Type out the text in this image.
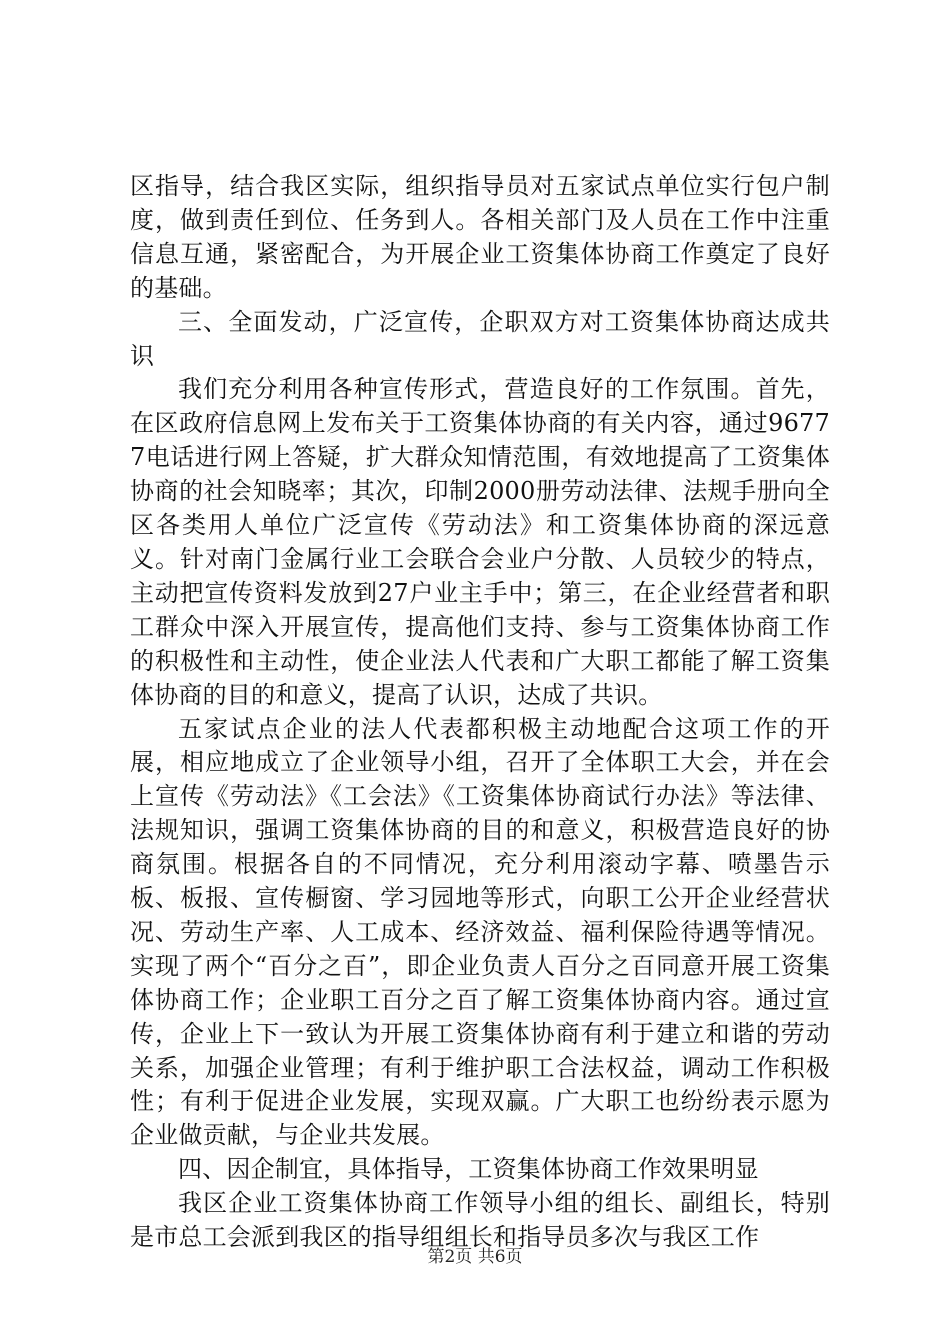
区指导，结合我区实际，组织指导员对五家试点单位实行包户制度，做到责任到位、任务到人。各相关部门及人员在工作中注重信息互通，紧密配合，为开展企业工资集体协商工作奠定了良好的基础。

三、全面发动，广泛宣传，企职双方对工资集体协商达成共识

我们充分利用各种宣传形式，营造良好的工作氛围。首先，在区政府信息网上发布关于工资集体协商的有关内容，通过96777电话进行网上答疑，扩大群众知情范围，有效地提高了工资集体协商的社会知晓率；其次，印制2000册劳动法律、法规手册向全区各类用人单位广泛宣传《劳动法》和工资集体协商的深远意义。针对南门金属行业工会联合会业户分散、人员较少的特点，主动把宣传资料发放到27户业主手中；第三，在企业经营者和职工群众中深入开展宣传，提高他们支持、参与工资集体协商工作的积极性和主动性，使企业法人代表和广大职工都能了解工资集体协商的目的和意义，提高了认识，达成了共识。

五家试点企业的法人代表都积极主动地配合这项工作的开展，相应地成立了企业领导小组，召开了全体职工大会，并在会上宣传《劳动法》《工会法》《工资集体协商试行办法》等法律、法规知识，强调工资集体协商的目的和意义，积极营造良好的协商氛围。根据各自的不同情况，充分利用滚动字幕、喷墨告示板、板报、宣传橱窗、学习园地等形式，向职工公开企业经营状况、劳动生产率、人工成本、经济效益、福利保险待遇等情况。实现了两个“百分之百”，即企业负责人百分之百同意开展工资集体协商工作；企业职工百分之百了解工资集体协商内容。通过宣传，企业上下一致认为开展工资集体协商有利于建立和谐的劳动关系，加强企业管理；有利于维护职工合法权益，调动工作积极性；有利于促进企业发展，实现双赢。广大职工也纷纷表示愿为企业做贡献，与企业共发展。

四、因企制宜，具体指导，工资集体协商工作效果明显

我区企业工资集体协商工作领导小组的组长、副组长，特别是市总工会派到我区的指导组组长和指导员多次与我区工作

第2页 共6页
